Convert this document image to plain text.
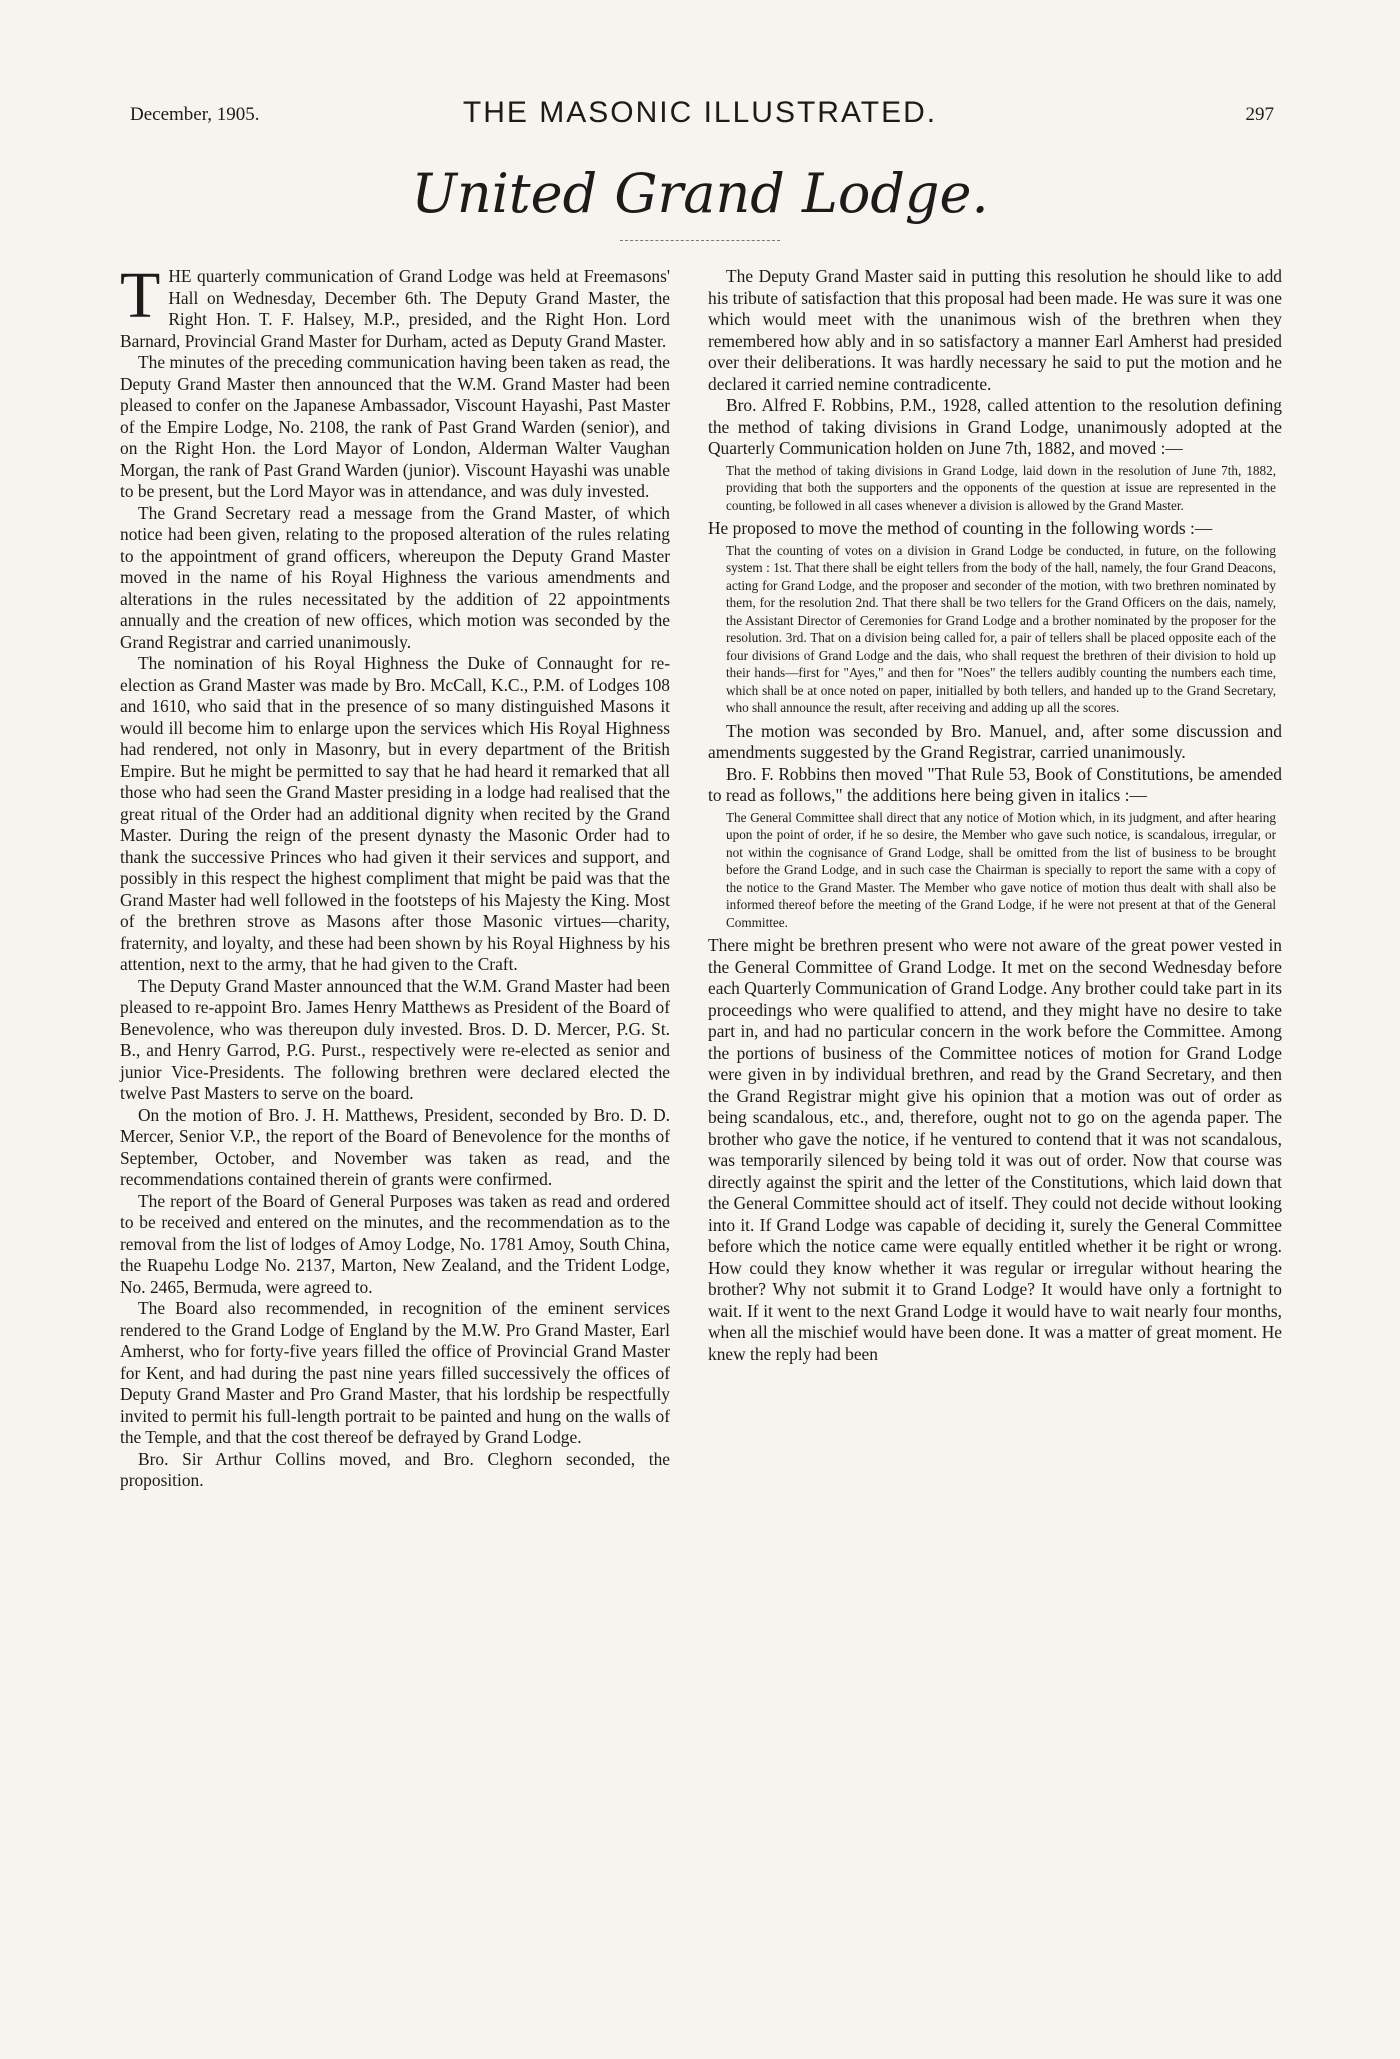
December, 1905.	THE MASONIC ILLUSTRATED.	297
United Grand Lodge.

THE quarterly communication of Grand Lodge was held at Freemasons' Hall on Wednesday, December 6th. The Deputy Grand Master, the Right Hon. T. F. Halsey, M.P., presided, and the Right Hon. Lord Barnard, Provincial Grand Master for Durham, acted as Deputy Grand Master.

The minutes of the preceding communication having been taken as read, the Deputy Grand Master then announced that the W.M. Grand Master had been pleased to confer on the Japanese Ambassador, Viscount Hayashi, Past Master of the Empire Lodge, No. 2108, the rank of Past Grand Warden (senior), and on the Right Hon. the Lord Mayor of London, Alderman Walter Vaughan Morgan, the rank of Past Grand Warden (junior). Viscount Hayashi was unable to be present, but the Lord Mayor was in attendance, and was duly invested.

The Grand Secretary read a message from the Grand Master, of which notice had been given, relating to the proposed alteration of the rules relating to the appointment of grand officers, whereupon the Deputy Grand Master moved in the name of his Royal Highness the various amendments and alterations in the rules necessitated by the addition of 22 appointments annually and the creation of new offices, which motion was seconded by the Grand Registrar and carried unanimously.

The nomination of his Royal Highness the Duke of Connaught for re-election as Grand Master was made by Bro. McCall, K.C., P.M. of Lodges 108 and 1610, who said that in the presence of so many distinguished Masons it would ill become him to enlarge upon the services which His Royal Highness had rendered, not only in Masonry, but in every department of the British Empire. But he might be permitted to say that he had heard it remarked that all those who had seen the Grand Master presiding in a lodge had realised that the great ritual of the Order had an additional dignity when recited by the Grand Master. During the reign of the present dynasty the Masonic Order had to thank the successive Princes who had given it their services and support, and possibly in this respect the highest compliment that might be paid was that the Grand Master had well followed in the footsteps of his Majesty the King. Most of the brethren strove as Masons after those Masonic virtues—charity, fraternity, and loyalty, and these had been shown by his Royal Highness by his attention, next to the army, that he had given to the Craft.

The Deputy Grand Master announced that the W.M. Grand Master had been pleased to re-appoint Bro. James Henry Matthews as President of the Board of Benevolence, who was thereupon duly invested. Bros. D. D. Mercer, P.G. St. B., and Henry Garrod, P.G. Purst., respectively were re-elected as senior and junior Vice-Presidents. The following brethren were declared elected the twelve Past Masters to serve on the board.

On the motion of Bro. J. H. Matthews, President, seconded by Bro. D. D. Mercer, Senior V.P., the report of the Board of Benevolence for the months of September, October, and November was taken as read, and the recommendations contained therein of grants were confirmed.

The report of the Board of General Purposes was taken as read and ordered to be received and entered on the minutes, and the recommendation as to the removal from the list of lodges of Amoy Lodge, No. 1781 Amoy, South China, the Ruapehu Lodge No. 2137, Marton, New Zealand, and the Trident Lodge, No. 2465, Bermuda, were agreed to.

The Board also recommended, in recognition of the eminent services rendered to the Grand Lodge of England by the M.W. Pro Grand Master, Earl Amherst, who for forty-five years filled the office of Provincial Grand Master for Kent, and had during the past nine years filled successively the offices of Deputy Grand Master and Pro Grand Master, that his lordship be respectfully invited to permit his full-length portrait to be painted and hung on the walls of the Temple, and that the cost thereof be defrayed by Grand Lodge.

Bro. Sir Arthur Collins moved, and Bro. Cleghorn seconded, the proposition.

The Deputy Grand Master said in putting this resolution he should like to add his tribute of satisfaction that this proposal had been made. He was sure it was one which would meet with the unanimous wish of the brethren when they remembered how ably and in so satisfactory a manner Earl Amherst had presided over their deliberations. It was hardly necessary he said to put the motion and he declared it carried nemine contradicente.

Bro. Alfred F. Robbins, P.M., 1928, called attention to the resolution defining the method of taking divisions in Grand Lodge, unanimously adopted at the Quarterly Communication holden on June 7th, 1882, and moved :—

That the method of taking divisions in Grand Lodge, laid down in the resolution of June 7th, 1882, providing that both the supporters and the opponents of the question at issue are represented in the counting, be followed in all cases whenever a division is allowed by the Grand Master.

He proposed to move the method of counting in the following words :—

That the counting of votes on a division in Grand Lodge be conducted, in future, on the following system : 1st. That there shall be eight tellers from the body of the hall, namely, the four Grand Deacons, acting for Grand Lodge, and the proposer and seconder of the motion, with two brethren nominated by them, for the resolution 2nd. That there shall be two tellers for the Grand Officers on the dais, namely, the Assistant Director of Ceremonies for Grand Lodge and a brother nominated by the proposer for the resolution. 3rd. That on a division being called for, a pair of tellers shall be placed opposite each of the four divisions of Grand Lodge and the dais, who shall request the brethren of their division to hold up their hands—first for "Ayes," and then for "Noes" the tellers audibly counting the numbers each time, which shall be at once noted on paper, initialled by both tellers, and handed up to the Grand Secretary, who shall announce the result, after receiving and adding up all the scores.

The motion was seconded by Bro. Manuel, and, after some discussion and amendments suggested by the Grand Registrar, carried unanimously.

Bro. F. Robbins then moved "That Rule 53, Book of Constitutions, be amended to read as follows," the additions here being given in italics :—

The General Committee shall direct that any notice of Motion which, in its judgment, and after hearing upon the point of order, if he so desire, the Member who gave such notice, is scandalous, irregular, or not within the cognisance of Grand Lodge, shall be omitted from the list of business to be brought before the Grand Lodge, and in such case the Chairman is specially to report the same with a copy of the notice to the Grand Master. The Member who gave notice of motion thus dealt with shall also be informed thereof before the meeting of the Grand Lodge, if he were not present at that of the General Committee.

There might be brethren present who were not aware of the great power vested in the General Committee of Grand Lodge. It met on the second Wednesday before each Quarterly Communication of Grand Lodge. Any brother could take part in its proceedings who were qualified to attend, and they might have no desire to take part in, and had no particular concern in the work before the Committee. Among the portions of business of the Committee notices of motion for Grand Lodge were given in by individual brethren, and read by the Grand Secretary, and then the Grand Registrar might give his opinion that a motion was out of order as being scandalous, etc., and, therefore, ought not to go on the agenda paper. The brother who gave the notice, if he ventured to contend that it was not scandalous, was temporarily silenced by being told it was out of order. Now that course was directly against the spirit and the letter of the Constitutions, which laid down that the General Committee should act of itself. They could not decide without looking into it. If Grand Lodge was capable of deciding it, surely the General Committee before which the notice came were equally entitled whether it be right or wrong. How could they know whether it was regular or irregular without hearing the brother? Why not submit it to Grand Lodge? It would have only a fortnight to wait. If it went to the next Grand Lodge it would have to wait nearly four months, when all the mischief would have been done. It was a matter of great moment. He knew the reply had been
